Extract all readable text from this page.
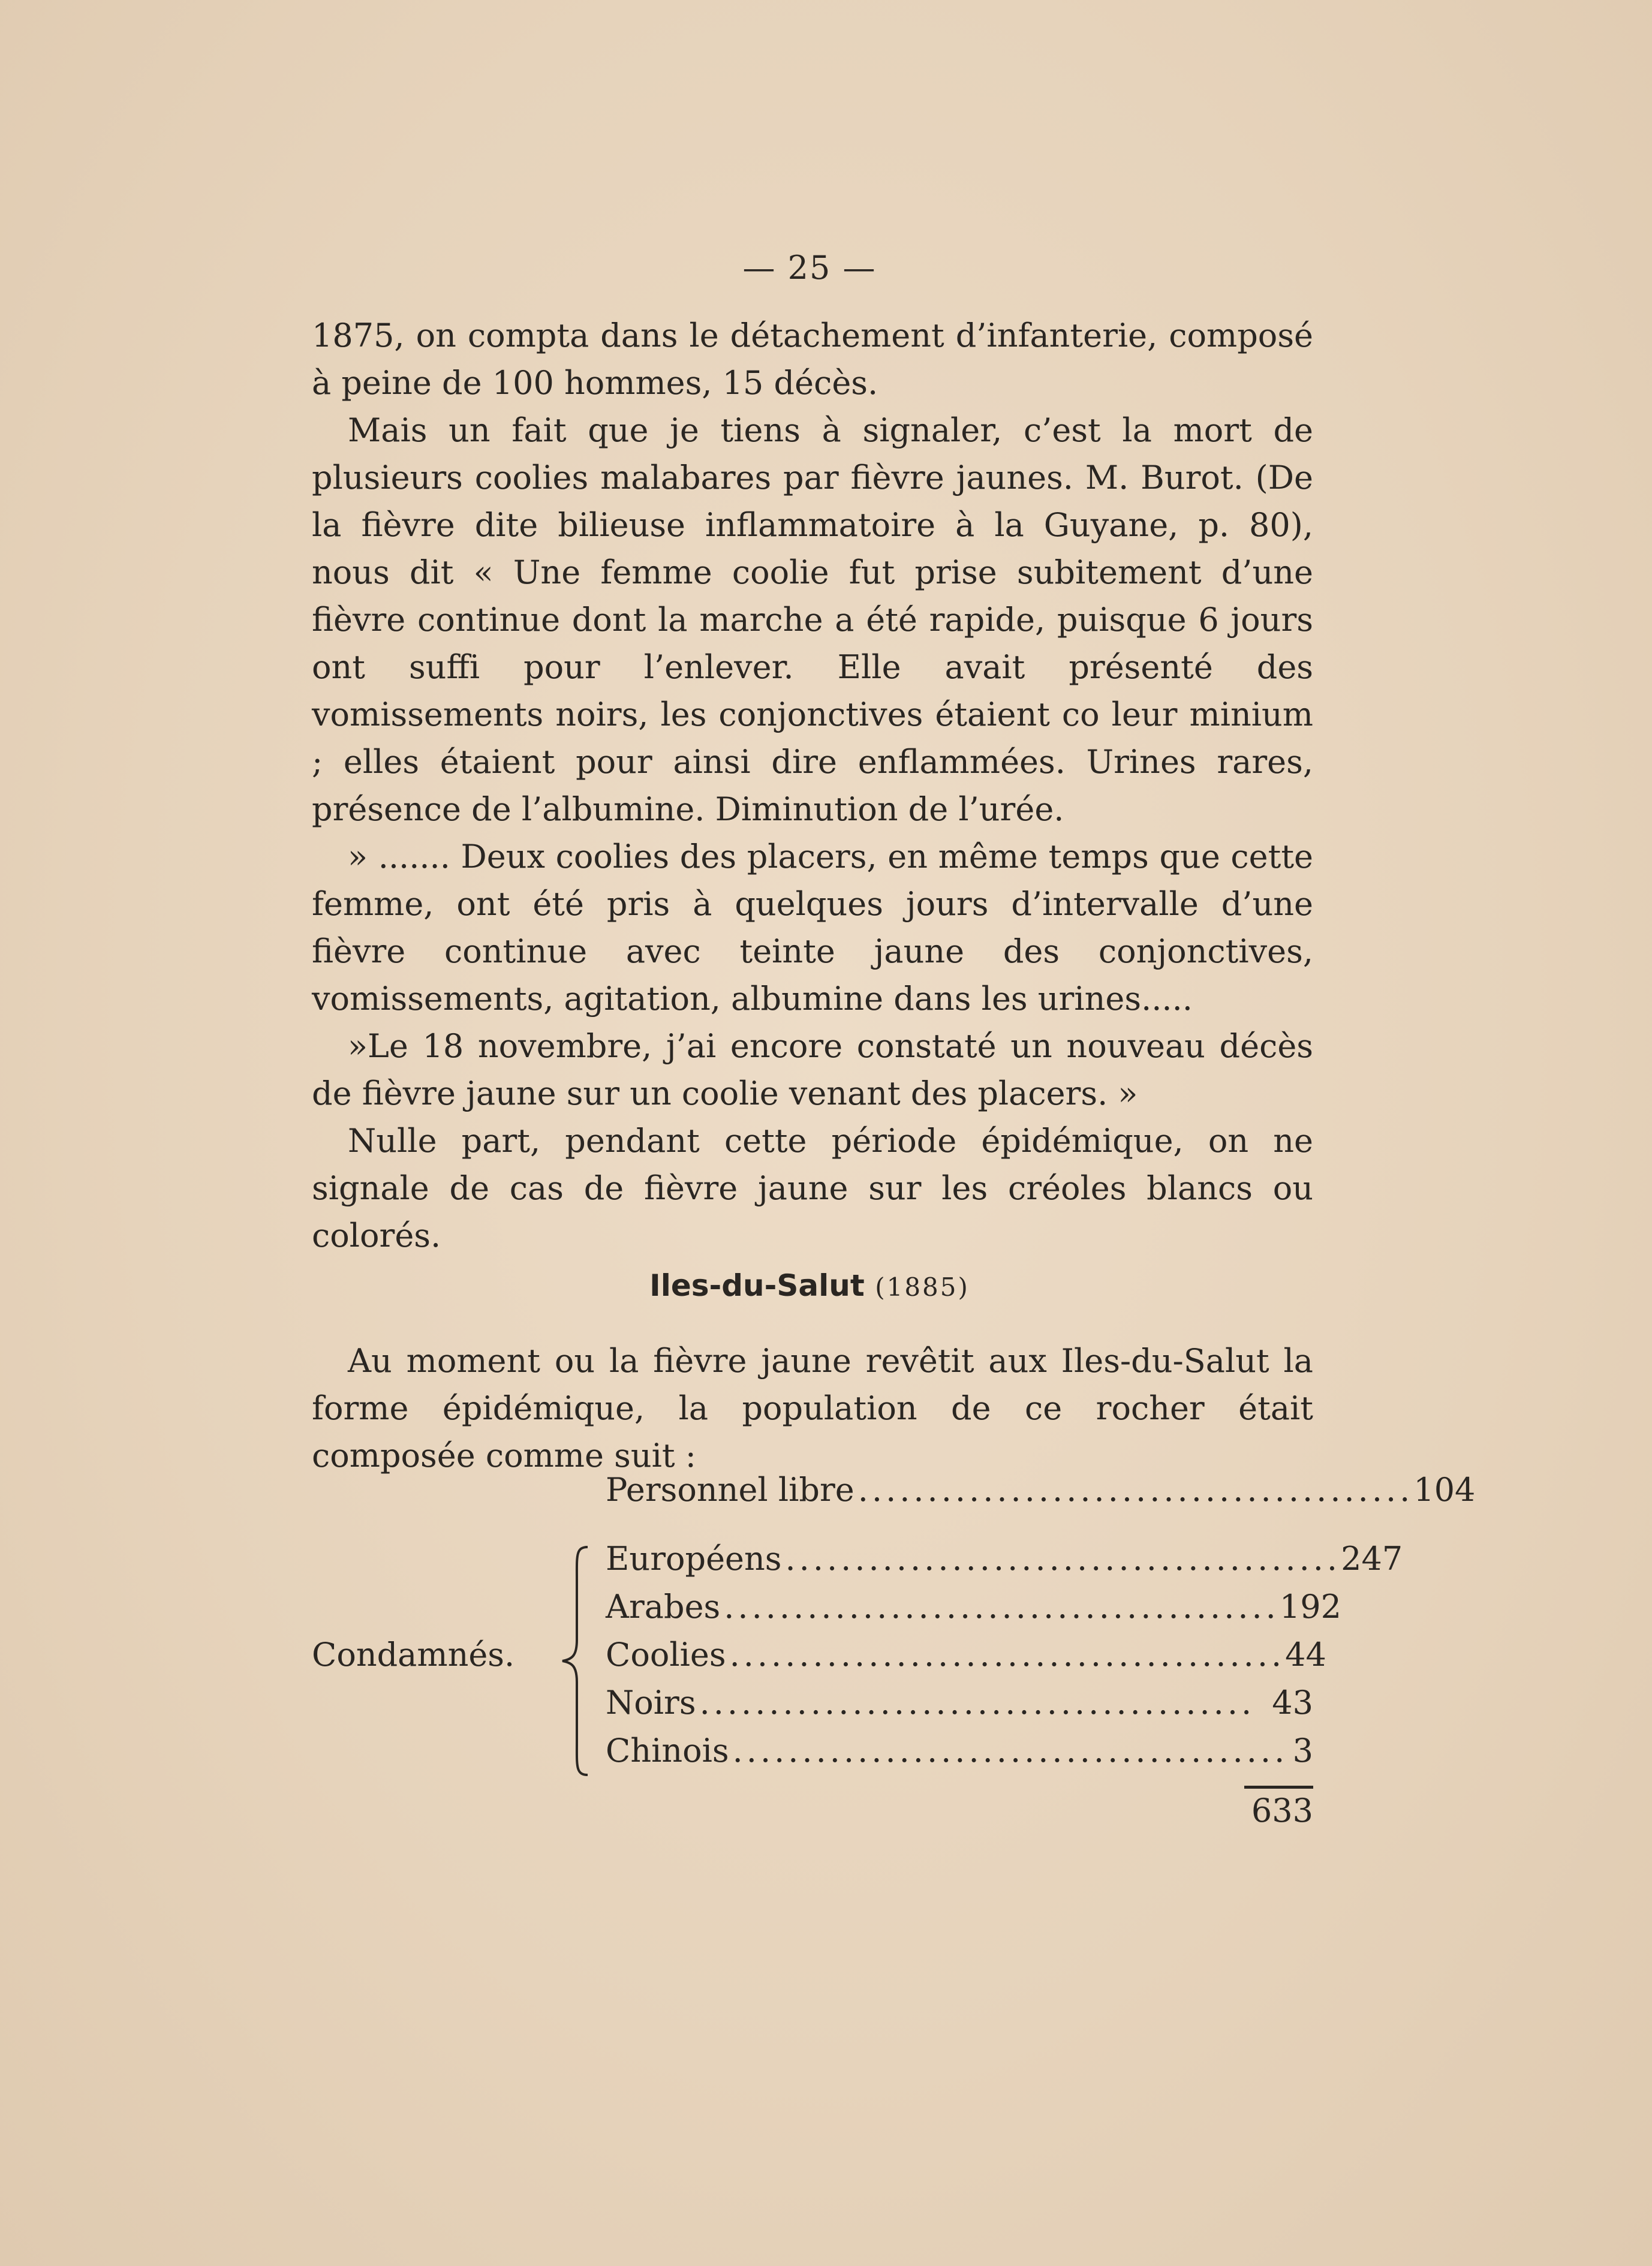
— 25 —

1875, on compta dans le détachement d’infanterie, composé à peine de 100 hommes, 15 décès.

Mais un fait que je tiens à signaler, c’est la mort de plusieurs coolies malabares par fièvre jaunes. M. Burot. (De la fièvre dite bilieuse inflammatoire à la Guyane, p. 80), nous dit « Une femme coolie fut prise subitement d’une fièvre continue dont la marche a été rapide, puisque 6 jours ont suffi pour l’enlever. Elle avait présenté des vomissements noirs, les conjonctives étaient co leur minium ; elles étaient pour ainsi dire enflammées. Urines rares, présence de l’albumine. Diminution de l’urée.

» ....... Deux coolies des placers, en même temps que cette femme, ont été pris à quelques jours d’intervalle d’une fièvre continue avec teinte jaune des conjonctives, vomissements, agitation, albumine dans les urines.....

»Le 18 novembre, j’ai encore constaté un nouveau décès de fièvre jaune sur un coolie venant des placers. »

Nulle part, pendant cette période épidémique, on ne signale de cas de fièvre jaune sur les créoles blancs ou colorés.

Iles-du-Salut (1885)

Au moment ou la fièvre jaune revêtit aux Iles-du-Salut la forme épidémique, la population de ce rocher était composée comme suit :

Personnel libre ........................................ 104
Condamnés.
Européens ........................................ 247
Arabes ........................................ 192
Coolies ........................................ 44
Noirs ........................................ 43
Chinois ........................................ 3
633
